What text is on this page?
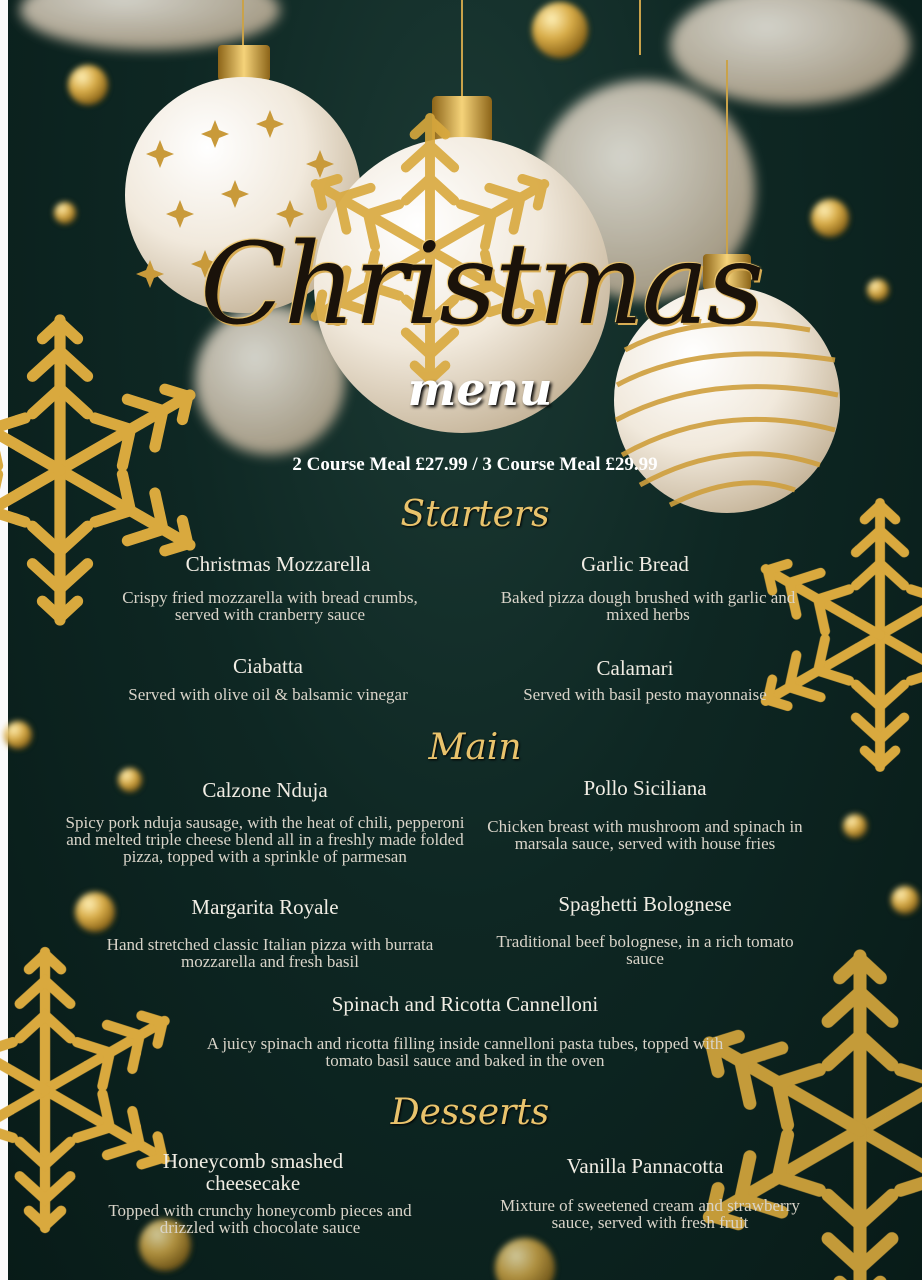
Christmas
menu
2 Course Meal £27.99 / 3 Course Meal £29.99
Starters
Christmas Mozzarella
Crispy fried mozzarella with bread crumbs, served with cranberry sauce
Garlic Bread
Baked pizza dough brushed with garlic and mixed herbs
Ciabatta
Served with olive oil & balsamic vinegar
Calamari
Served with basil pesto mayonnaise
Main
Calzone Nduja
Spicy pork nduja sausage, with the heat of chili, pepperoni and melted triple cheese blend all in a freshly made folded pizza, topped with a sprinkle of parmesan
Pollo Siciliana
Chicken breast with mushroom and spinach in marsala sauce, served with house fries
Margarita Royale
Hand stretched classic Italian pizza with burrata mozzarella and fresh basil
Spaghetti Bolognese
Traditional beef bolognese, in a rich tomato sauce
Spinach and Ricotta Cannelloni
A juicy spinach and ricotta filling inside cannelloni pasta tubes, topped with tomato basil sauce and baked in the oven
Desserts
Honeycomb smashed cheesecake
Topped with crunchy honeycomb pieces and drizzled with chocolate sauce
Vanilla Pannacotta
Mixture of sweetened cream and strawberry sauce, served with fresh fruit
